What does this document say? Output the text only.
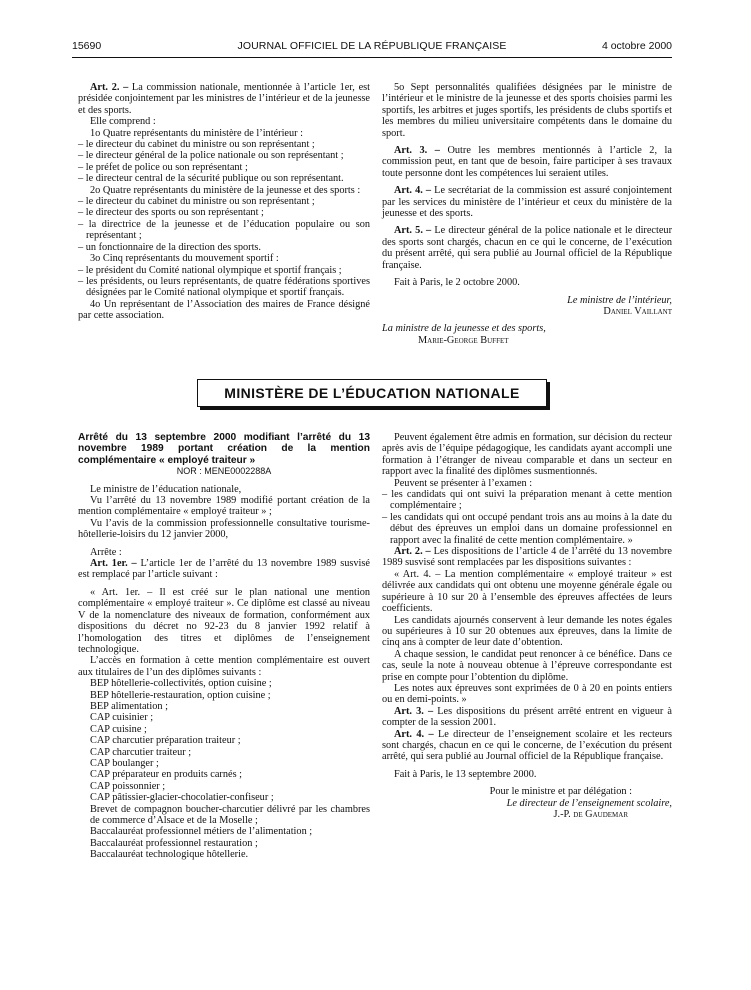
15690	JOURNAL OFFICIEL DE LA RÉPUBLIQUE FRANÇAISE	4 octobre 2000

Art. 2. – La commission nationale, mentionnée à l’article 1er, est présidée conjointement par les ministres de l’intérieur et de la jeunesse et des sports.

Elle comprend :

1o Quatre représentants du ministère de l’intérieur :

– le directeur du cabinet du ministre ou son représentant ;

– le directeur général de la police nationale ou son représentant ;

– le préfet de police ou son représentant ;

– le directeur central de la sécurité publique ou son représentant.

2o Quatre représentants du ministère de la jeunesse et des sports :

– le directeur du cabinet du ministre ou son représentant ;

– le directeur des sports ou son représentant ;

– la directrice de la jeunesse et de l’éducation populaire ou son représentant ;

– un fonctionnaire de la direction des sports.

3o Cinq représentants du mouvement sportif :

– le président du Comité national olympique et sportif français ;

– les présidents, ou leurs représentants, de quatre fédérations sportives désignées par le Comité national olympique et sportif français.

4o Un représentant de l’Association des maires de France désigné par cette association.

5o Sept personnalités qualifiées désignées par le ministre de l’intérieur et le ministre de la jeunesse et des sports choisies parmi les sportifs, les arbitres et juges sportifs, les présidents de clubs sportifs et les membres du milieu universitaire compétents dans le domaine du sport.

Art. 3. – Outre les membres mentionnés à l’article 2, la commission peut, en tant que de besoin, faire participer à ses travaux toute personne dont les compétences lui seraient utiles.

Art. 4. – Le secrétariat de la commission est assuré conjointement par les services du ministère de l’intérieur et ceux du ministère de la jeunesse et des sports.

Art. 5. – Le directeur général de la police nationale et le directeur des sports sont chargés, chacun en ce qui le concerne, de l’exécution du présent arrêté, qui sera publié au Journal officiel de la République française.

Fait à Paris, le 2 octobre 2000.

Le ministre de l’intérieur,

Daniel Vaillant

La ministre de la jeunesse et des sports,

Marie-George Buffet

MINISTÈRE DE L’ÉDUCATION NATIONALE

Arrêté du 13 septembre 2000 modifiant l’arrêté du 13 novembre 1989 portant création de la mention complémentaire « employé traiteur »

NOR : MENE0002288A

Le ministre de l’éducation nationale,

Vu l’arrêté du 13 novembre 1989 modifié portant création de la mention complémentaire « employé traiteur » ;

Vu l’avis de la commission professionnelle consultative tourisme-hôtellerie-loisirs du 12 janvier 2000,

Arrête :

Art. 1er. – L’article 1er de l’arrêté du 13 novembre 1989 susvisé est remplacé par l’article suivant :

« Art. 1er. – Il est créé sur le plan national une mention complémentaire « employé traiteur ». Ce diplôme est classé au niveau V de la nomenclature des niveaux de formation, conformément aux dispositions du décret no 92-23 du 8 janvier 1992 relatif à l’homologation des titres et diplômes de l’enseignement technologique.

L’accès en formation à cette mention complémentaire est ouvert aux titulaires de l’un des diplômes suivants :

BEP hôtellerie-collectivités, option cuisine ;

BEP hôtellerie-restauration, option cuisine ;

BEP alimentation ;

CAP cuisinier ;

CAP cuisine ;

CAP charcutier préparation traiteur ;

CAP charcutier traiteur ;

CAP boulanger ;

CAP préparateur en produits carnés ;

CAP poissonnier ;

CAP pâtissier-glacier-chocolatier-confiseur ;

Brevet de compagnon boucher-charcutier délivré par les chambres de commerce d’Alsace et de la Moselle ;

Baccalauréat professionnel métiers de l’alimentation ;

Baccalauréat professionnel restauration ;

Baccalauréat technologique hôtellerie.

Peuvent également être admis en formation, sur décision du recteur après avis de l’équipe pédagogique, les candidats ayant accompli une formation à l’étranger de niveau comparable et dans un secteur en rapport avec la finalité des diplômes susmentionnés.

Peuvent se présenter à l’examen :

– les candidats qui ont suivi la préparation menant à cette mention complémentaire ;

– les candidats qui ont occupé pendant trois ans au moins à la date du début des épreuves un emploi dans un domaine professionnel en rapport avec la finalité de cette mention complémentaire. »

Art. 2. – Les dispositions de l’article 4 de l’arrêté du 13 novembre 1989 susvisé sont remplacées par les dispositions suivantes :

« Art. 4. – La mention complémentaire « employé traiteur » est délivrée aux candidats qui ont obtenu une moyenne générale égale ou supérieure à 10 sur 20 à l’ensemble des épreuves affectées de leurs coefficients.

Les candidats ajournés conservent à leur demande les notes égales ou supérieures à 10 sur 20 obtenues aux épreuves, dans la limite de cinq ans à compter de leur date d’obtention.

A chaque session, le candidat peut renoncer à ce bénéfice. Dans ce cas, seule la note à nouveau obtenue à l’épreuve correspondante est prise en compte pour l’obtention du diplôme.

Les notes aux épreuves sont exprimées de 0 à 20 en points entiers ou en demi-points. »

Art. 3. – Les dispositions du présent arrêté entrent en vigueur à compter de la session 2001.

Art. 4. – Le directeur de l’enseignement scolaire et les recteurs sont chargés, chacun en ce qui le concerne, de l’exécution du présent arrêté, qui sera publié au Journal officiel de la République française.

Fait à Paris, le 13 septembre 2000.

Pour le ministre et par délégation :

Le directeur de l’enseignement scolaire,

J.-P. de Gaudemar
